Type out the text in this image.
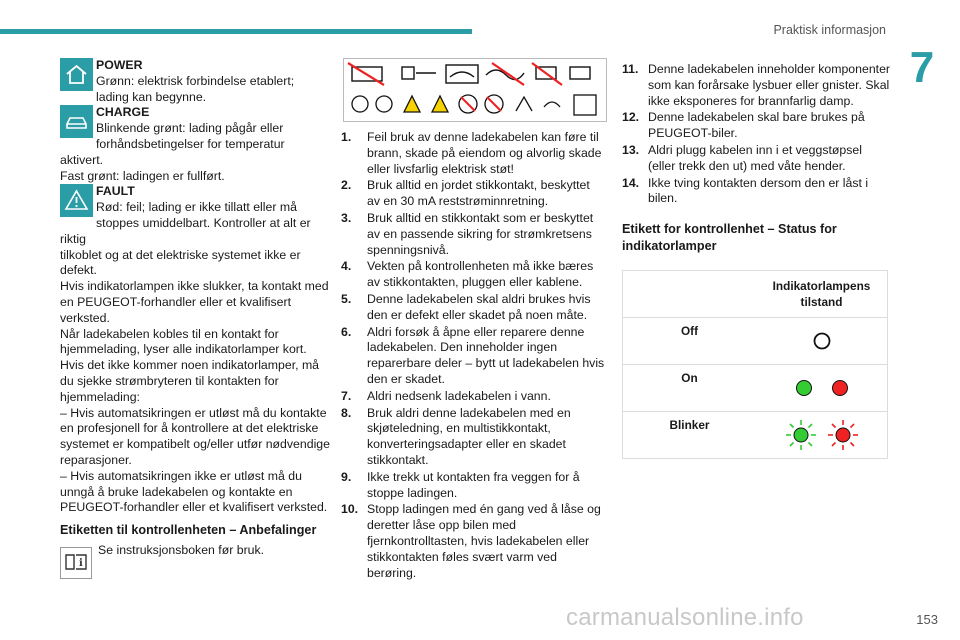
Praktisk informasjon
7

POWER

Grønn: elektrisk forbindelse etablert;

lading kan begynne.

CHARGE

Blinkende grønt: lading pågår eller

forhåndsbetingelser for temperatur aktivert.

Fast grønt: ladingen er fullført.

FAULT

Rød: feil; lading er ikke tillatt eller må

stoppes umiddelbart. Kontroller at alt er riktig

tilkoblet og at det elektriske systemet ikke er

defekt.

Hvis indikatorlampen ikke slukker, ta kontakt med en PEUGEOT-forhandler eller et kvalifisert verksted.

Når ladekabelen kobles til en kontakt for hjemmelading, lyser alle indikatorlamper kort.

Hvis det ikke kommer noen indikatorlamper, må du sjekke strømbryteren til kontakten for hjemmelading:

– Hvis automatsikringen er utløst må du kontakte en profesjonell for å kontrollere at det elektriske systemet er kompatibelt og/eller utfør nødvendige reparasjoner.

– Hvis automatsikringen ikke er utløst må du unngå å bruke ladekabelen og kontakte en PEUGEOT-forhandler eller et kvalifisert verksted.

Etiketten til kontrollenheten – Anbefalinger
i

Se instruksjonsboken før bruk.

1. Feil bruk av denne ladekabelen kan føre til brann, skade på eiendom og alvorlig skade eller livsfarlig elektrisk støt!
2. Bruk alltid en jordet stikkontakt, beskyttet av en 30 mA reststrøminnretning.
3. Bruk alltid en stikkontakt som er beskyttet av en passende sikring for strømkretsens spenningsnivå.
4. Vekten på kontrollenheten må ikke bæres av stikkontakten, pluggen eller kablene.
5. Denne ladekabelen skal aldri brukes hvis den er defekt eller skadet på noen måte.
6. Aldri forsøk å åpne eller reparere denne ladekabelen. Den inneholder ingen reparerbare deler – bytt ut ladekabelen hvis den er skadet.
7. Aldri nedsenk ladekabelen i vann.
8. Bruk aldri denne ladekabelen med en skjøteledning, en multistikkontakt, konverteringsadapter eller en skadet stikkontakt.
9. Ikke trekk ut kontakten fra veggen for å stoppe ladingen.
10. Stopp ladingen med én gang ved å låse og deretter låse opp bilen med fjernkontrolltasten, hvis ladekabelen eller stikkontakten føles svært varm ved berøring.
11. Denne ladekabelen inneholder komponenter som kan forårsake lysbuer eller gnister. Skal ikke eksponeres for brannfarlig damp.
12. Denne ladekabelen skal bare brukes på PEUGEOT-biler.
13. Aldri plugg kabelen inn i et veggstøpsel (eller trekk den ut) med våte hender.
14. Ikke tving kontakten dersom den er låst i bilen.
Etikett for kontrollenhet – Status for indikatorlamper
Indikatorlampens tilstand
Off
On
Blinker
carmanualsonline.info	153
